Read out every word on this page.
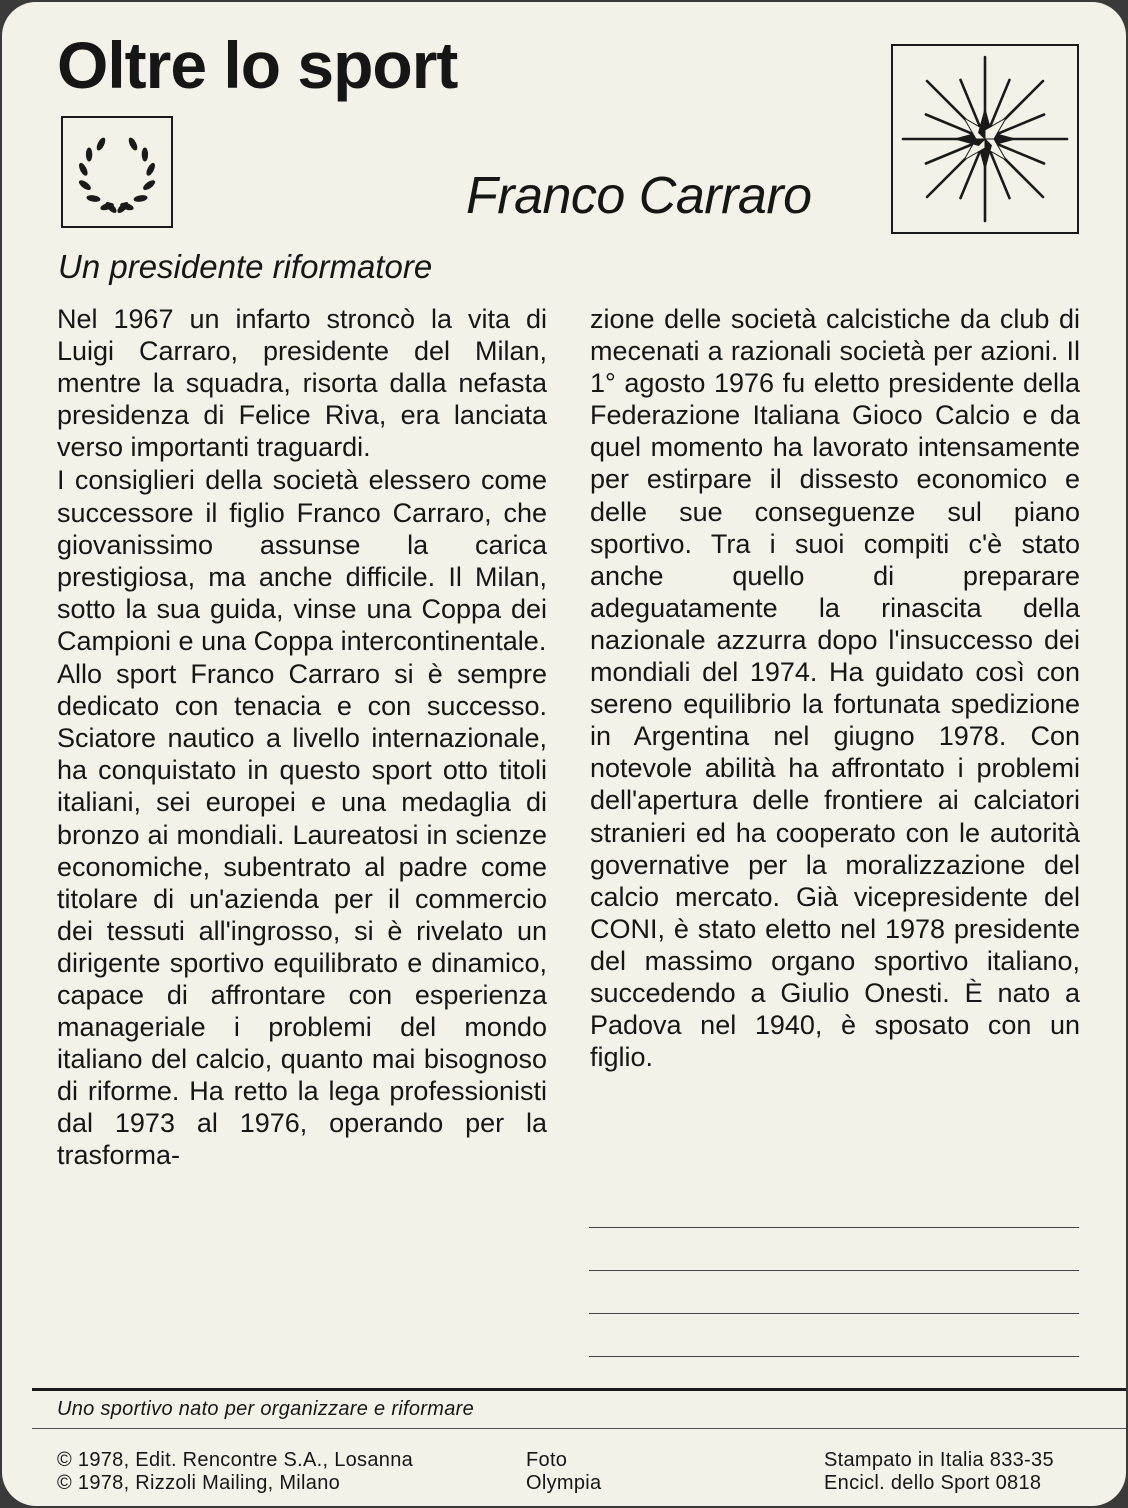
Oltre lo sport
Franco Carraro
Un presidente riformatore

Nel 1967 un infarto stroncò la vita di Luigi Carraro, presidente del Milan, mentre la squadra, risorta dalla nefasta presidenza di Felice Riva, era lanciata verso importanti traguardi.

I consiglieri della società elessero come successore il figlio Franco Carraro, che giovanissimo assunse la carica prestigiosa, ma anche difficile. Il Milan, sotto la sua guida, vinse una Coppa dei Campioni e una Coppa intercontinentale.

Allo sport Franco Carraro si è sempre dedicato con tenacia e con successo. Sciatore nautico a livello internazionale, ha conquistato in questo sport otto titoli italiani, sei europei e una medaglia di bronzo ai mondiali. Laureatosi in scienze economiche, subentrato al padre come titolare di un'azienda per il commercio dei tessuti all'ingrosso, si è rivelato un dirigente sportivo equilibrato e dinamico, capace di affrontare con esperienza manageriale i problemi del mondo italiano del calcio, quanto mai bisognoso di riforme. Ha retto la lega professionisti dal 1973 al 1976, operando per la trasforma-

zione delle società calcistiche da club di mecenati a razionali società per azioni. Il 1° agosto 1976 fu eletto presidente della Federazione Italiana Gioco Calcio e da quel momento ha lavorato intensamente per estirpare il dissesto economico e delle sue conseguenze sul piano sportivo. Tra i suoi compiti c'è stato anche quello di preparare adeguatamente la rinascita della nazionale azzurra dopo l'insuccesso dei mondiali del 1974. Ha guidato così con sereno equilibrio la fortunata spedizione in Argentina nel giugno 1978. Con notevole abilità ha affrontato i problemi dell'apertura delle frontiere ai calciatori stranieri ed ha cooperato con le autorità governative per la moralizzazione del calcio mercato. Già vicepresidente del CONI, è stato eletto nel 1978 presidente del massimo organo sportivo italiano, succedendo a Giulio Onesti. È nato a Padova nel 1940, è sposato con un figlio.

Uno sportivo nato per organizzare e riformare

© 1978, Edit. Rencontre S.A., Losanna
© 1978, Rizzoli Mailing, Milano
Foto
Olympia
Stampato in Italia 833-35
Encicl. dello Sport 0818
